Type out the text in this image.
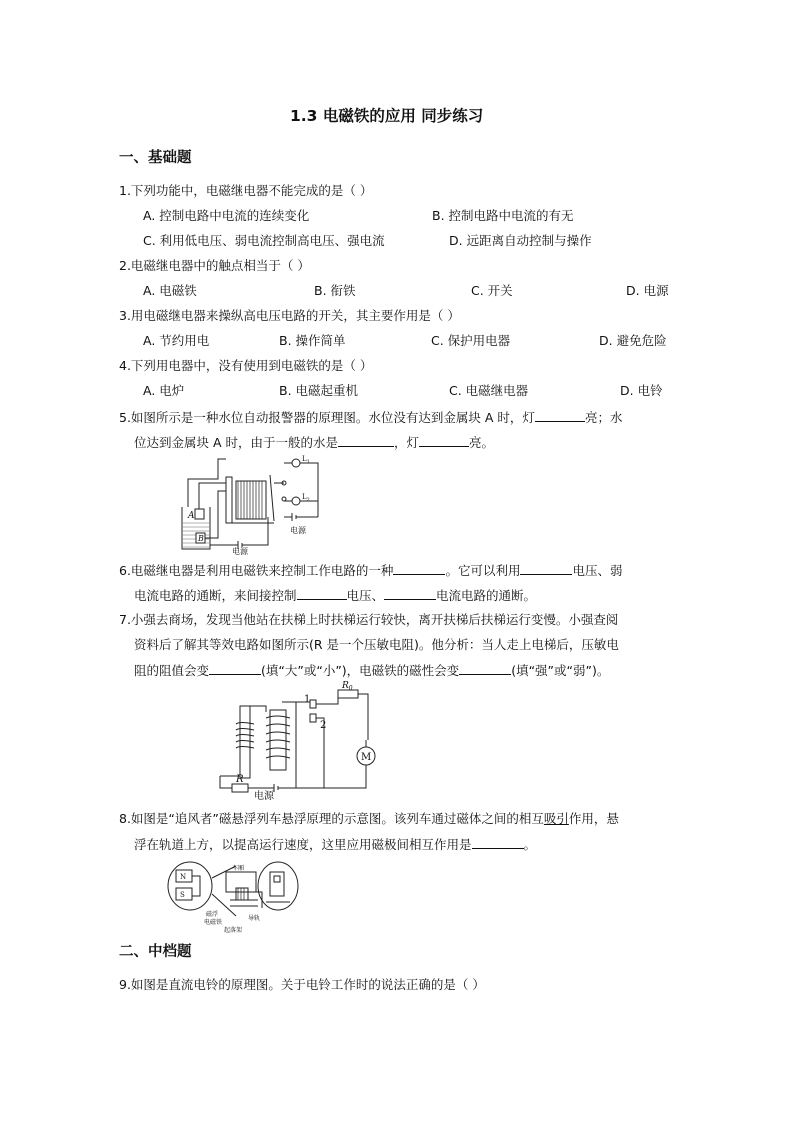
1.3 电磁铁的应用 同步练习
一、基础题
1.下列功能中，电磁继电器不能完成的是（ ）
A. 控制电路中电流的连续变化	B. 控制电路中电流的有无
C. 利用低电压、弱电流控制高电压、强电流	D. 远距离自动控制与操作
2.电磁继电器中的触点相当于（ ）
A. 电磁铁	B. 衔铁	C. 开关	D. 电源
3.用电磁继电器来操纵高电压电路的开关，其主要作用是（ ）
A. 节约用电	B. 操作简单	C. 保护用电器	D. 避免危险
4.下列用电器中，没有使用到电磁铁的是（ ）
A. 电炉	B. 电磁起重机	C. 电磁继电器	D. 电铃
5.如图所示是一种水位自动报警器的原理图。水位没有达到金属块 A 时，灯	亮；水
位达到金属块 A 时，由于一般的水是	，灯	亮。
A
B
$L_1$
$L_2$
电源
电源
6.电磁继电器是利用电磁铁来控制工作电路的一种	。它可以利用	电压、弱
电流电路的通断，来间接控制	电压、	电流电路的通断。
7.小强去商场，发现当他站在扶梯上时扶梯运行较快，离开扶梯后扶梯运行变慢。小强查阅
资料后了解其等效电路如图所示(R 是一个压敏电阻)。他分析：当人走上电梯后，压敏电
阻的阻值会变	(填“大”或“小”)，电磁铁的磁性会变	(填“强”或“弱”)。
$R_0$
1
2
M
R
电源
8.如图是“追风者”磁悬浮列车悬浮原理的示意图。该列车通过磁体之间的相互吸引作用，悬
浮在轨道上方，以提高运行速度，这里应用磁极间相互作用是	。
N
S
车厢
磁浮
电磁铁
导轨
起落架
二、中档题
9.如图是直流电铃的原理图。关于电铃工作时的说法正确的是（ ）
